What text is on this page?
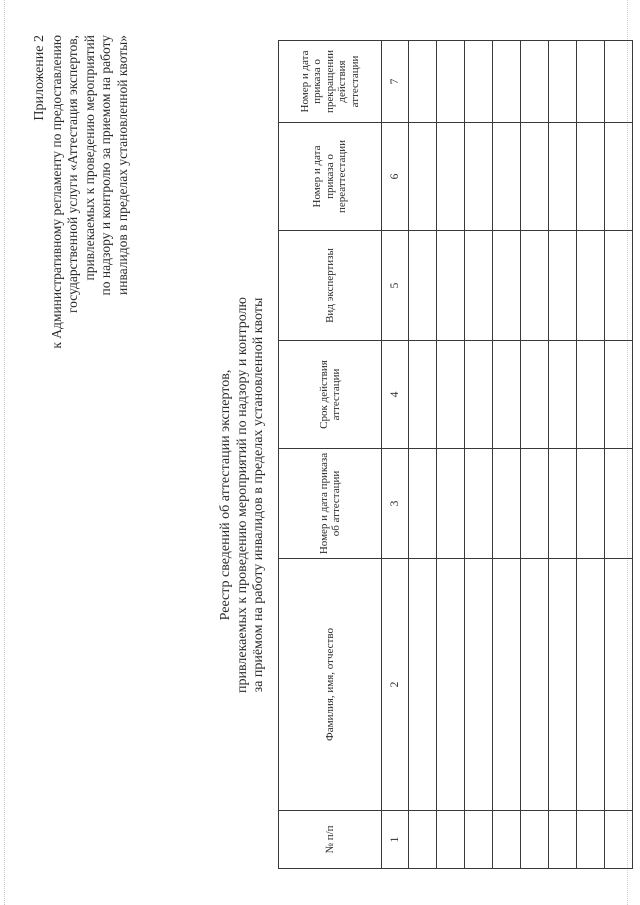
Приложение 2 к Административному регламенту по предоставлению государственной услуги «Аттестация экспертов, привлекаемых к проведению мероприятий по надзору и контролю за приемом на работу инвалидов в пределах установленной квоты»
Реестр сведений об аттестации экспертов, привлекаемых к проведению мероприятий по надзору и контролю за приёмом на работу инвалидов в пределах установленной квоты
№ п/п	Фамилия, имя, отчество	Номер и дата приказа об аттестации	Срок действия аттестации	Вид экспертизы	Номер и дата приказа о переаттестации	Номер и дата приказа о прекращении действия аттестации
1	2	3	4	5	6	7
